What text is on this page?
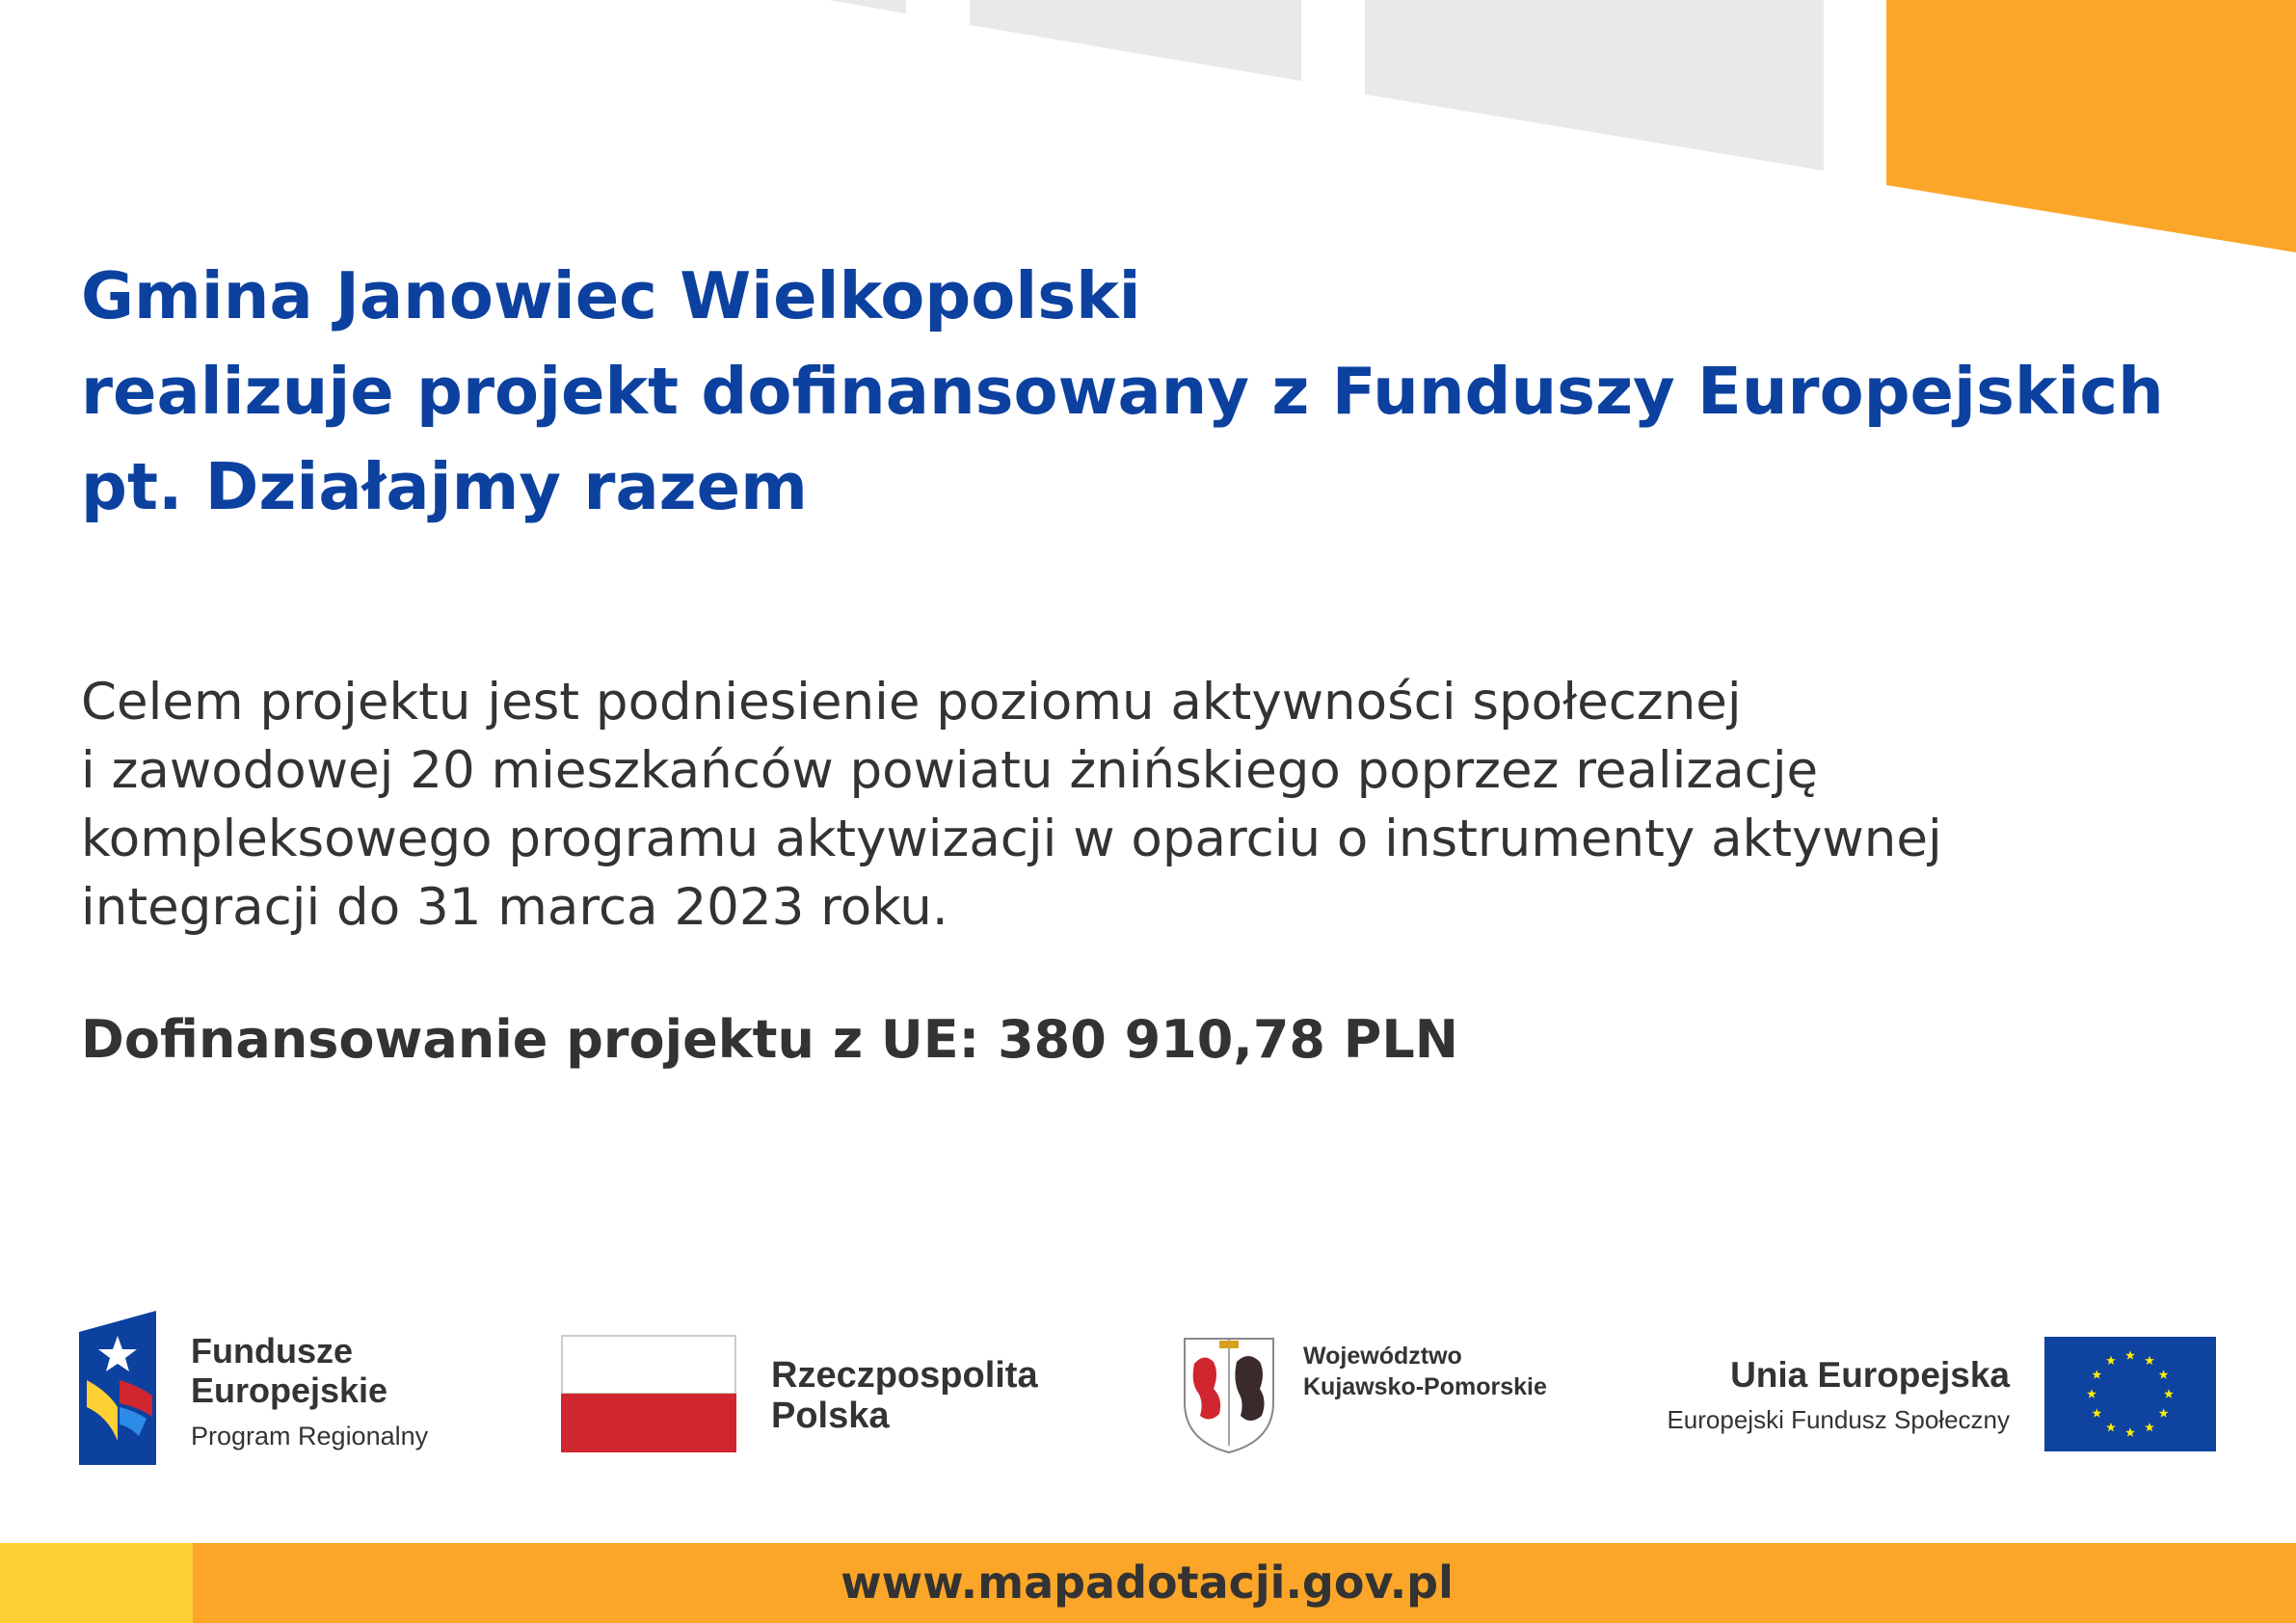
Gmina Janowiec Wielkopolski
realizuje projekt dofinansowany z Funduszy Europejskich
pt. Działajmy razem
Celem projektu jest podniesienie poziomu aktywności społecznej
i zawodowej 20 mieszkańców powiatu żnińskiego poprzez realizację
kompleksowego programu aktywizacji w oparciu o instrumenty aktywnej
integracji do 31 marca 2023 roku.
Dofinansowanie projektu z UE: 380 910,78 PLN
Fundusze
Europejskie
Program Regionalny
Rzeczpospolita
Polska
Województwo
Kujawsko-Pomorskie	Unia Europejska
Europejski Fundusz Społeczny
www.mapadotacji.gov.pl
